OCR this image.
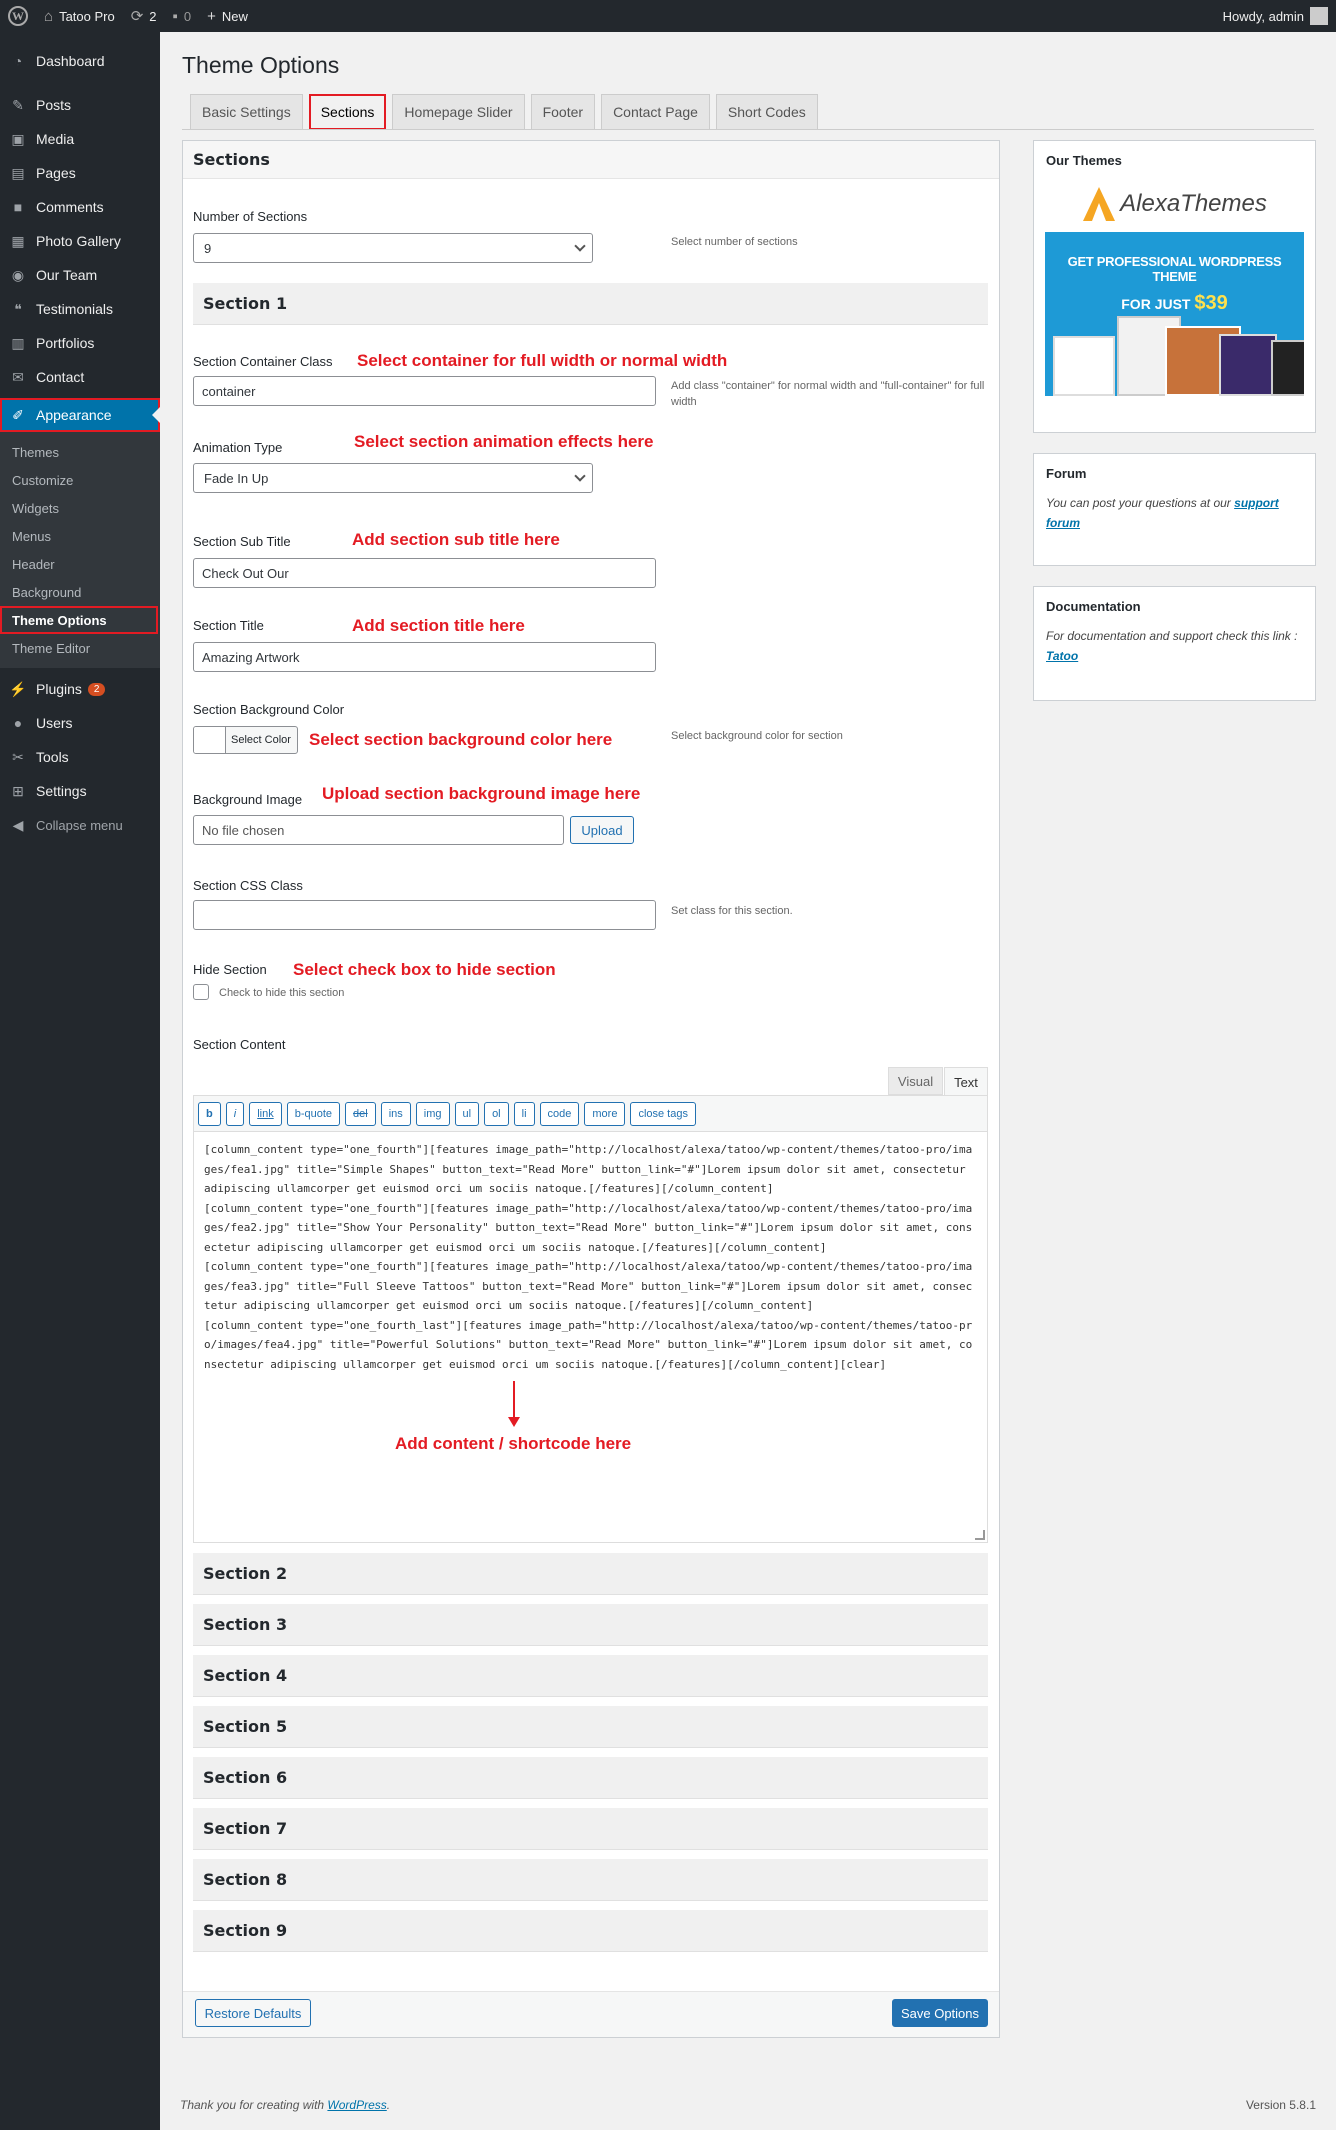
W ⌂ Tatoo Pro ⟳ 2 ▪ 0 + New	Howdy, admin
◔ Dashboard
✎ Posts
▣ Media
▤ Pages
■ Comments
▦ Photo Gallery
◉ Our Team
❝	Testimonials
▥ Portfolios
✉ Contact
✐ Appearance
Themes
Customize
Widgets
Menus
Header
Background
Theme Options
Theme Editor
⚡ Plugins	2
● Users
✂ Tools
⊞ Settings
◀ Collapse menu
Theme Options
Basic Settings	Sections	Homepage Slider	Footer	Contact Page	Short Codes
Sections
Number of Sections
9	Select number of sections
Section 1
Section Container Class Select container for full width or normal width
container	Add class "container" for normal width and "full-container" for full width
Animation Type	Select section animation effects here
Fade In Up
Section Sub Title	Add section sub title here
Check Out Our
Section Title	Add section title here
Amazing Artwork
Section Background Color
Select Color Select section background color here	Select background color for section
Background Image Upload section background image here
No file chosen	Upload
Section CSS Class
Set class for this section.
Hide Section Select check box to hide section
Check to hide this section
Section Content
Visual	Text
b	i	link	b-quote	del	ins	img	ul	ol	li	code	more	close tags
[column_content type="one_fourth"][features image_path="http://localhost/alexa/tatoo/wp-content/themes/tatoo-pro/images/fea1.jpg" title="Simple Shapes" button_text="Read More" button_link="#"]Lorem ipsum dolor sit amet, consectetur adipiscing ullamcorper get euismod orci um sociis natoque.[/features][/column_content]
[column_content type="one_fourth"][features image_path="http://localhost/alexa/tatoo/wp-content/themes/tatoo-pro/images/fea2.jpg" title="Show Your Personality" button_text="Read More" button_link="#"]Lorem ipsum dolor sit amet, consectetur adipiscing ullamcorper get euismod orci um sociis natoque.[/features][/column_content]
[column_content type="one_fourth"][features image_path="http://localhost/alexa/tatoo/wp-content/themes/tatoo-pro/images/fea3.jpg" title="Full Sleeve Tattoos" button_text="Read More" button_link="#"]Lorem ipsum dolor sit amet, consectetur adipiscing ullamcorper get euismod orci um sociis natoque.[/features][/column_content]
[column_content type="one_fourth_last"][features image_path="http://localhost/alexa/tatoo/wp-content/themes/tatoo-pro/images/fea4.jpg" title="Powerful Solutions" button_text="Read More" button_link="#"]Lorem ipsum dolor sit amet, consectetur adipiscing ullamcorper get euismod orci um sociis natoque.[/features][/column_content][clear]
Add content / shortcode here
Section 2
Section 3
Section 4
Section 5
Section 6
Section 7
Section 8
Section 9
Restore Defaults	Save Options
Our Themes
AlexaThemes
GET PROFESSIONAL WORDPRESS THEME
FOR JUST $39
Forum
You can post your questions at our support forum
Documentation
For documentation and support check this link : Tatoo
Thank you for creating with WordPress.	Version 5.8.1
